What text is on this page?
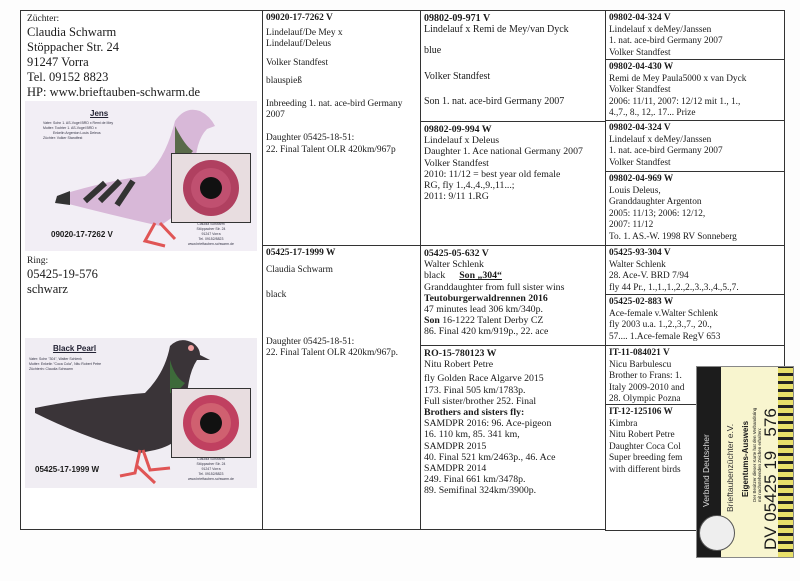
Züchter:
Claudia Schwarm
Stöppacher Str. 24
91247 Vorra
Tel. 09152 8823
HP: www.brieftauben-schwarm.de
Ring:
05425-19-576
schwarz
Jens
Vater: Sohn 1. AS-Vogel BRD x Remi de Mey
Mutter: Tochter 1. AS-Vogel BRD x
Enkelin Argenton Louis Deleus
Züchter: Volker Standfest
09020-17-7262 V
Claudia Schwarm
Stöppacher Str. 24
91247 Vorra
Tel. 09152/8823
www.brieftauben-schwarm.de
Black Pearl
Vater: Sohn "304", Walter Schlenk
Mutter: Enkelin "Coca Cola", Nitu Robert Petre
Züchterin: Claudia Schwarm
05425-17-1999 W
Claudia Schwarm
Stöppacher Str. 24
91247 Vorra
Tel. 09152/8823
www.brieftauben-schwarm.de
09020-17-7262 V
Lindelauf/De Mey x
Lindelauf/Deleus
Volker Standfest
blauspieß
Inbreeding 1. nat. ace-bird Germany 2007
Daughter 05425-18-51:
22. Final Talent OLR 420km/967p
05425-17-1999 W
Claudia Schwarm
black
Daughter 05425-18-51:
22. Final Talent OLR 420km/967p.
09802-09-971 V
Lindelauf x Remi de Mey/van Dyck
blue
Volker Standfest
Son 1. nat. ace-bird Germany 2007
09802-09-994 W
Lindelauf x Deleus
Daughter 1. Ace national Germany 2007
Volker Standfest
2010: 11/12 = best year old female
RG, fly 1.,4.,4.,9.,11...;
2011: 9/11 1.RG
05425-05-632 V
Walter Schlenk
black Son „304“
Granddaughter from full sister wins
Teutoburgerwaldrennen 2016
47 minutes lead 306 km/340p.
Son 16-1222 Talent Derby CZ
86. Final 420 km/919p., 22. ace
RO-15-780123 W
Nitu Robert Petre
fly Golden Race Algarve 2015
173. Final 505 km/1783p.
Full sister/brother 252. Final
Brothers and sisters fly:
SAMDPR 2016: 96. Ace-pigeon
16. 110 km, 85. 341 km,
SAMDPR 2015
40. Final 521 km/2463p., 46. Ace
SAMDPR 2014
249. Final 661 km/3478p.
89. Semifinal 324km/3900p.
09802-04-324 V
Lindelauf x deMey/Janssen
1. nat. ace-bird Germany 2007
Volker Standfest
09802-04-430 W
Remi de Mey Paula5000 x van Dyck
Volker Standfest
2006: 11/11, 2007: 12/12 mit 1., 1.,
4.,7., 8., 12,. 17... Prize
09802-04-324 V
Lindelauf x deMey/Janssen
1. nat. ace-bird Germany 2007
Volker Standfest
09802-04-969 W
Louis Deleus,
Granddaughter Argenton
2005: 11/13; 2006: 12/12,
2007: 11/12
To. 1. AS.-W. 1998 RV Sonneberg
05425-93-304 V
Walter Schlenk
28. Ace-V. BRD 7/94
fly 44 Pr., 1.,1.,1.,2.,2.,3.,3.,4.,5.,7.
05425-02-883 W
Ace-female v.Walter Schlenk
fly 2003 u.a. 1.,2.,3.,7., 20.,
57.... 1.Ace-female RegV 653
IT-11-084021 V
Nicu Barbulescu
Brother to Frans: 1.
Italy 2009-2010 and
28. Olympic Pozna
IT-12-125106 W
Kimbra
Nitu Robert Petre
Daughter Coca Col
Super breeding fem
with different birds	Verband Deutscher Brieftaubenzüchter e.V. Eigentums-Ausweis Der Besitzer dieser Karte hat den Verbandsring mit nachstehenden Zeichen erhalten: DV 05425 19   576
